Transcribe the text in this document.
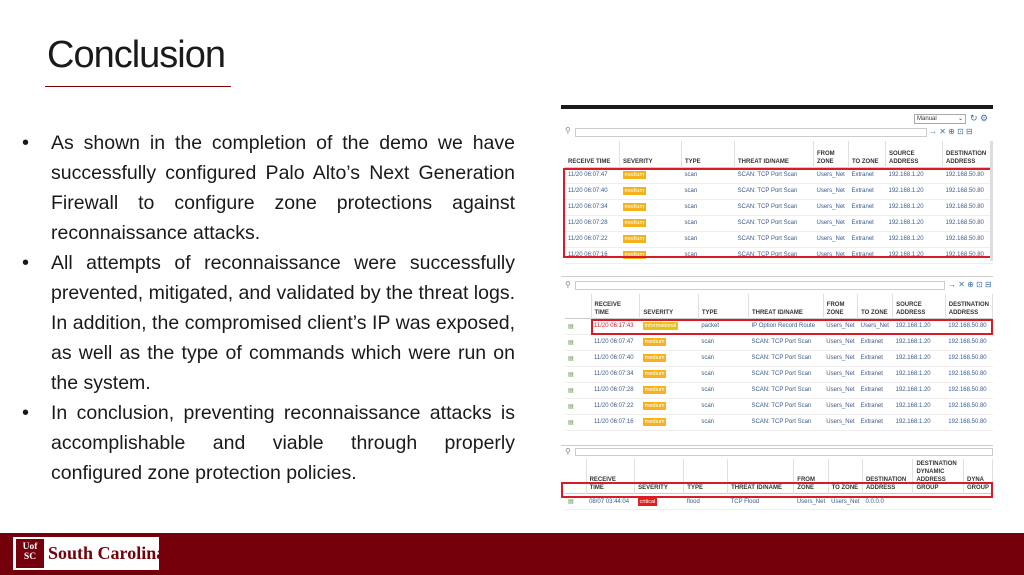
Conclusion
• As shown in the completion of the demo we have successfully configured Palo Alto’s Next Generation Firewall to configure zone protections against reconnaissance attacks.
• All attempts of reconnaissance were successfully prevented, mitigated, and validated by the threat logs. In addition, the compromised client’s IP was exposed, as well as the type of commands which were run on the system.
• In conclusion, preventing reconnaissance attacks is accomplishable and viable through properly configured zone protection policies.
Manual	⌄ ↻ ⚙
⚲	→ ✕ ⊕ ⊡ ⊟
RECEIVE TIME	SEVERITY	TYPE	THREAT ID/NAME	FROM ZONE	TO ZONE	SOURCE ADDRESS	DESTINATION ADDRESS
11/20 06:07:47	medium	scan	SCAN: TCP Port Scan	Users_Net	Extranet	192.168.1.20	192.168.50.80
11/20 06:07:40	medium	scan	SCAN: TCP Port Scan	Users_Net	Extranet	192.168.1.20	192.168.50.80
11/20 06:07:34	medium	scan	SCAN: TCP Port Scan	Users_Net	Extranet	192.168.1.20	192.168.50.80
11/20 06:07:28	medium	scan	SCAN: TCP Port Scan	Users_Net	Extranet	192.168.1.20	192.168.50.80
11/20 06:07:22	medium	scan	SCAN: TCP Port Scan	Users_Net	Extranet	192.168.1.20	192.168.50.80
11/20 06:07:16	medium	scan	SCAN: TCP Port Scan	Users_Net	Extranet	192.168.1.20	192.168.50.80
⚲	→ ✕ ⊕ ⊡ ⊟
	RECEIVE TIME	SEVERITY	TYPE	THREAT ID/NAME	FROM ZONE	TO ZONE	SOURCE ADDRESS	DESTINATION ADDRESS
▤	11/20 06:17:43	informational	packet	IP Option Record Route	Users_Net	Users_Net	192.168.1.20	192.168.50.80
▤	11/20 06:07:47	medium	scan	SCAN: TCP Port Scan	Users_Net	Extranet	192.168.1.20	192.168.50.80
▤	11/20 06:07:40	medium	scan	SCAN: TCP Port Scan	Users_Net	Extranet	192.168.1.20	192.168.50.80
▤	11/20 06:07:34	medium	scan	SCAN: TCP Port Scan	Users_Net	Extranet	192.168.1.20	192.168.50.80
▤	11/20 06:07:28	medium	scan	SCAN: TCP Port Scan	Users_Net	Extranet	192.168.1.20	192.168.50.80
▤	11/20 06:07:22	medium	scan	SCAN: TCP Port Scan	Users_Net	Extranet	192.168.1.20	192.168.50.80
▤	11/20 06:07:16	medium	scan	SCAN: TCP Port Scan	Users_Net	Extranet	192.168.1.20	192.168.50.80
⚲
	RECEIVE TIME	SEVERITY	TYPE	THREAT ID/NAME	FROM ZONE	TO ZONE	DESTINATION ADDRESS	DESTINATION DYNAMIC ADDRESS GROUP	DYNA GROUP
▤	08/07 03:44:04	critical	flood	TCP Flood	Users_Net	Users_Net	0.0.0.0		
Uof SC South Carolina
